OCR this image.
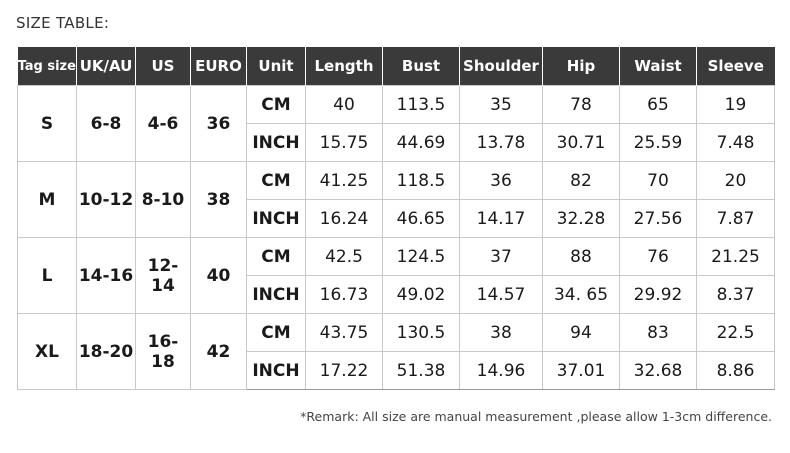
SIZE TABLE:
Tag size	UK/AU	US	EURO	Unit	Length	Bust	Shoulder	Hip	Waist	Sleeve
S	6-8	4-6	36	CM	40	113.5	35	78	65	19
				INCH	15.75	44.69	13.78	30.71	25.59	7.48
M	10-12	8-10	38	CM	41.25	118.5	36	82	70	20
				INCH	16.24	46.65	14.17	32.28	27.56	7.87
L	14-16	12-14	40	CM	42.5	124.5	37	88	76	21.25
				INCH	16.73	49.02	14.57	34. 65	29.92	8.37
XL	18-20	16-18	42	CM	43.75	130.5	38	94	83	22.5
				INCH	17.22	51.38	14.96	37.01	32.68	8.86
*Remark: All size are manual measurement ,please allow 1-3cm difference.
